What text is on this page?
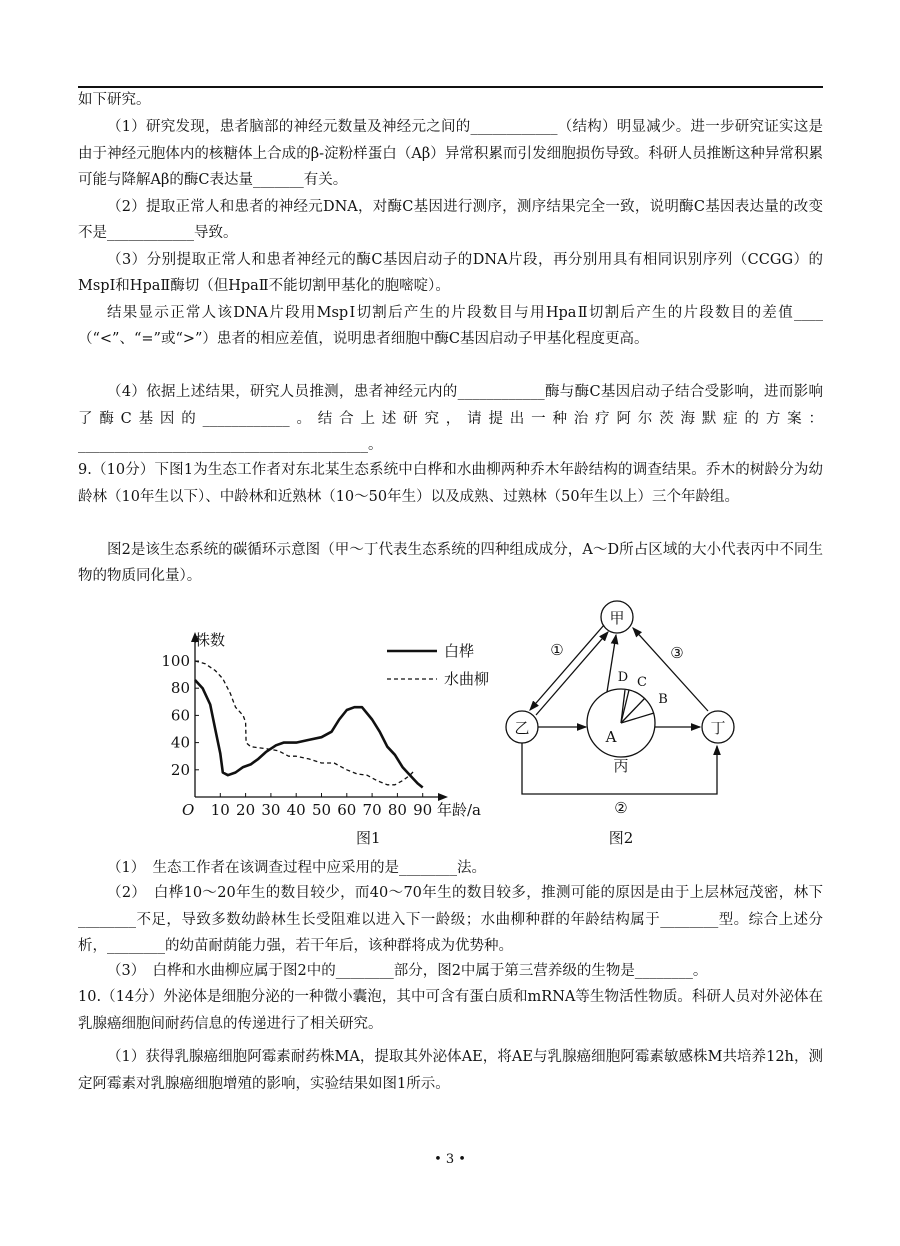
如下研究。
（1）研究发现，患者脑部的神经元数量及神经元之间的____________（结构）明显减少。进一步研究证实这是由于神经元胞体内的核糖体上合成的β-淀粉样蛋白（Aβ）异常积累而引发细胞损伤导致。科研人员推断这种异常积累可能与降解Aβ的酶C表达量_______有关。
（2）提取正常人和患者的神经元DNA，对酶C基因进行测序，测序结果完全一致，说明酶C基因表达量的改变不是____________导致。
（3）分别提取正常人和患者神经元的酶C基因启动子的DNA片段，再分别用具有相同识别序列（CCGG）的MspⅠ和HpaⅡ酶切（但HpaⅡ不能切割甲基化的胞嘧啶）。
结果显示正常人该DNA片段用MspⅠ切割后产生的片段数目与用HpaⅡ切割后产生的片段数目的差值____（“<”、“=”或“>”）患者的相应差值，说明患者细胞中酶C基因启动子甲基化程度更高。
（4）依据上述结果，研究人员推测，患者神经元内的____________酶与酶C基因启动子结合受影响，进而影响了酶C基因的____________。结合上述研究，请提出一种治疗阿尔茨海默症的方案：________________________________________。
9.（10分）下图1为生态工作者对东北某生态系统中白桦和水曲柳两种乔木年龄结构的调查结果。乔木的树龄分为幼龄林（10年生以下）、中龄林和近熟林（10～50年生）以及成熟、过熟林（50年生以上）三个年龄组。
图2是该生态系统的碳循环示意图（甲～丁代表生态系统的四种组成成分，A～D所占区域的大小代表丙中不同生物的物质同化量）。
10 20 30 40 50 60 70 80 90
20
40
60
80
100
株数
O	年龄/a
白桦
水曲柳
图1
甲
乙	丁
丙
A
B
C
D
①
②
③
图2
（1）　生态工作者在该调查过程中应采用的是________法。
（2）　白桦10～20年生的数目较少，而40～70年生的数目较多，推测可能的原因是由于上层林冠茂密，林下________不足，导致多数幼龄林生长受阻难以进入下一龄级；水曲柳种群的年龄结构属于________型。综合上述分析，________的幼苗耐荫能力强，若干年后，该种群将成为优势种。
（3）　白桦和水曲柳应属于图2中的________部分，图2中属于第三营养级的生物是________。
10.（14分）外泌体是细胞分泌的一种微小囊泡，其中可含有蛋白质和mRNA等生物活性物质。科研人员对外泌体在乳腺癌细胞间耐药信息的传递进行了相关研究。
（1）获得乳腺癌细胞阿霉素耐药株MA，提取其外泌体AE，将AE与乳腺癌细胞阿霉素敏感株M共培养12h，测定阿霉素对乳腺癌细胞增殖的影响，实验结果如图1所示。
• 3 •
